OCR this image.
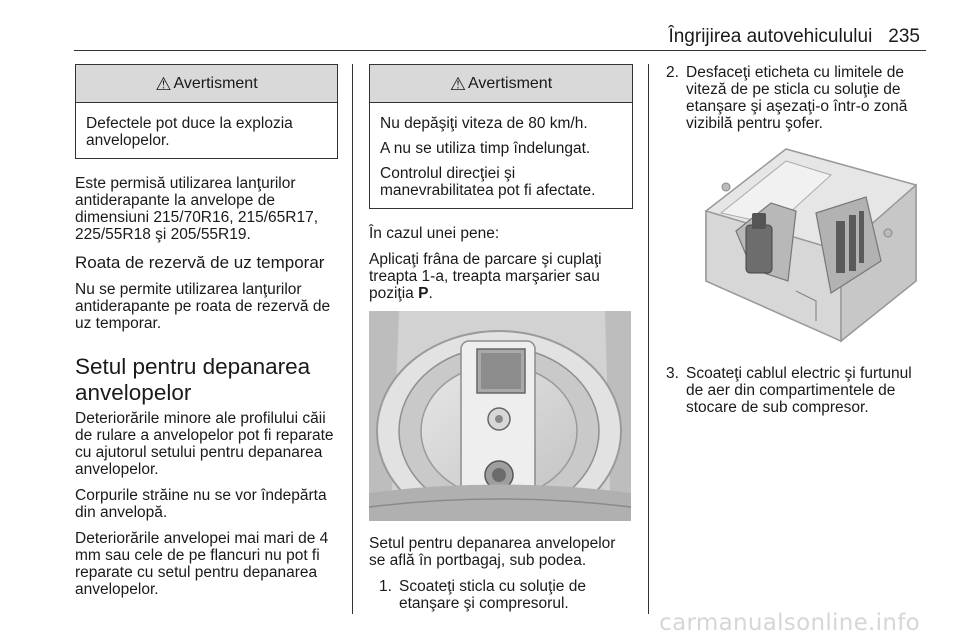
Îngrijirea autovehiculului 235
⚠ Avertisment

Defectele pot duce la explozia anvelopelor.

Este permisă utilizarea lanţurilor antiderapante la anvelope de dimensiuni 215/70R16, 215/65R17, 225/55R18 şi 205/55R19.

Roata de rezervă de uz temporar

Nu se permite utilizarea lanţurilor antiderapante pe roata de rezervă de uz temporar.

Setul pentru depanarea anvelopelor

Deteriorările minore ale profilului căii de rulare a anvelopelor pot fi reparate cu ajutorul setului pentru depanarea anvelopelor.

Corpurile străine nu se vor îndepărta din anvelopă.

Deteriorările anvelopei mai mari de 4 mm sau cele de pe flancuri nu pot fi reparate cu setul pentru depanarea anvelopelor.

⚠ Avertisment

Nu depăşiţi viteza de 80 km/h.

A nu se utiliza timp îndelungat.

Controlul direcţiei şi manevrabilitatea pot fi afectate.

În cazul unei pene:

Aplicaţi frâna de parcare şi cuplaţi treapta 1-a, treapta marşarier sau poziţia P.

Setul pentru depanarea anvelopelor se află în portbagaj, sub podea.

1. Scoateţi sticla cu soluţie de etanşare şi compresorul.
2. Desfaceţi eticheta cu limitele de viteză de pe sticla cu soluţie de etanşare şi aşezaţi-o într-o zonă vizibilă pentru şofer.
3. Scoateţi cablul electric şi furtunul de aer din compartimentele de stocare de sub compresor.
carmanualsonline.info
